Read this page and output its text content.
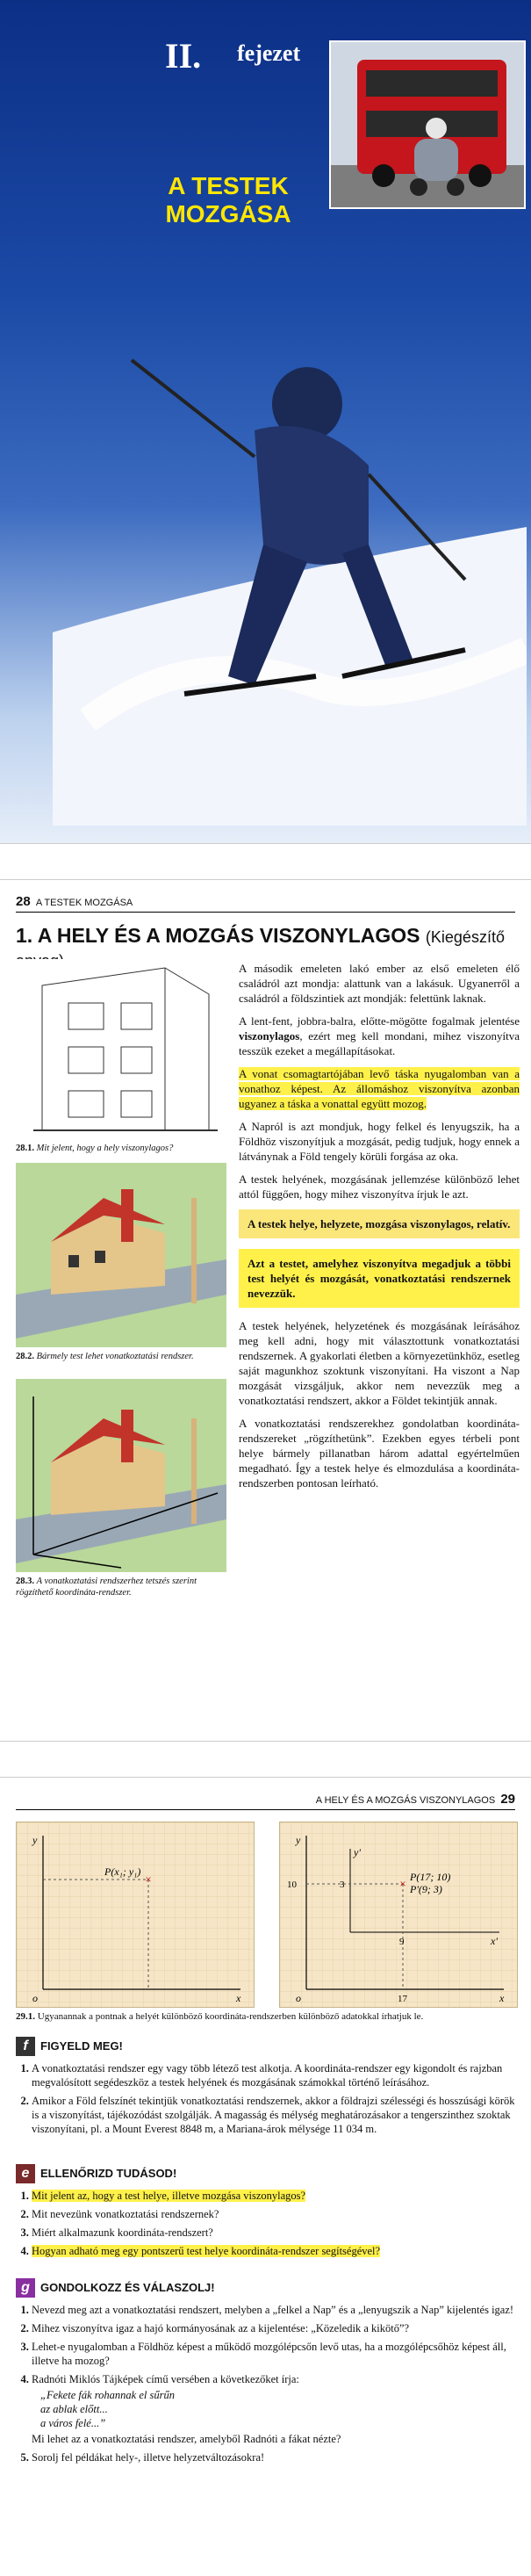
II. fejezet
A TESTEK
MOZGÁSA
28 A TESTEK MOZGÁSA
1. A HELY ÉS A MOZGÁS VISZONYLAGOS (Kiegészítő
28.1. Mit jelent, hogy a hely viszonylagos?
28.2. Bármely test lehet vonatkoztatási rendszer.
28.3. A vonatkoztatási rendszerhez tetszés szerint rögzíthető koordináta-rendszer.

A második emeleten lakó ember az első emeleten élő családról azt mondja: alattunk van a lakásuk. Ugyanerről a családról a földszintiek azt mondják: felettünk laknak.

A lent-fent, jobbra-balra, előtte-mögötte fogalmak jelentése viszonylagos, ezért meg kell mondani, mihez viszonyítva tesszük ezeket a megállapításokat.

A vonat csomagtartójában levő táska nyugalomban van a vonathoz képest. Az állomáshoz viszonyítva azonban ugyanez a táska a vonattal együtt mozog.

A Napról is azt mondjuk, hogy felkel és lenyugszik, ha a Földhöz viszonyítjuk a mozgását, pedig tudjuk, hogy ennek a látványnak a Föld tengely körüli forgása az oka.

A testek helyének, mozgásának jellemzése különböző lehet attól függően, hogy mihez viszonyítva írjuk le azt.

A testek helye, helyzete, mozgása viszonylagos, relatív.
Azt a testet, amelyhez viszonyítva megadjuk a többi test helyét és mozgását, vonatkoztatási rendszernek nevezzük.

A testek helyének, helyzetének és mozgásának leírásához meg kell adni, hogy mit választottunk vonatkoztatási rendszernek. A gyakorlati életben a környezetünkhöz, esetleg saját magunkhoz szoktunk viszonyítani. Ha viszont a Nap mozgását vizsgáljuk, akkor nem nevezzük meg a vonatkoztatási rendszert, akkor a Földet tekintjük annak.

A vonatkoztatási rendszerekhez gondolatban koordináta-rendszereket „rögzíthetünk”. Ezekben egyes térbeli pont helye bármely pillanatban három adattal egyértelműen megadható. Így a testek helye és elmozdulása a koordináta-rendszerben pontosan leírható.

A HELY ÉS A MOZGÁS VISZONYLAGOS 29
×
y
x
o
P(x₁; y₁)
×
y
x
o
10
17
3
9	x'
y'
P(17; 10)
P'(9; 3)
29.1. Ugyanannak a pontnak a helyét különböző koordináta-rendszerben különböző adatokkal írhatjuk le.
f	FIGYELD MEG!
1. A vonatkoztatási rendszer egy vagy több létező test alkotja. A koordináta-rendszer egy kigondolt és rajzban megvalósított segédeszköz a testek helyének és mozgásának számokkal történő leírásához.
2. Amikor a Föld felszínét tekintjük vonatkoztatási rendszernek, akkor a földrajzi szélességi és hosszúsági körök is a viszonyítást, tájékozódást szolgálják. A magasság és mélység meghatározásakor a tengerszinthez szoktak viszonyítani, pl. a Mount Everest 8848 m, a Mariana-árok mélysége 11 034 m.
e ELLENŐRIZD TUDÁSOD!
1. Mit jelent az, hogy a test helye, illetve mozgása viszonylagos?
2. Mit nevezünk vonatkoztatási rendszernek?
3. Miért alkalmazunk koordináta-rendszert?
4. Hogyan adható meg egy pontszerű test helye koordináta-rendszer segítségével?
g GONDOLKOZZ ÉS VÁLASZOLJ!
1. Nevezd meg azt a vonatkoztatási rendszert, melyben a „felkel a Nap” és a „lenyugszik a Nap” kijelentés igaz!
2. Mihez viszonyítva igaz a hajó kormányosának az a kijelentése: „Közeledik a kikötő”?
3. Lehet-e nyugalomban a Földhöz képest a működő mozgólépcsőn levő utas, ha a mozgólépcsőhöz képest áll, illetve ha mozog?
4. Radnóti Miklós Tájképek című versében a következőket írja:
„Fekete fák rohannak el sűrűn
az ablak előtt...
a város felé...”
Mi lehet az a vonatkoztatási rendszer, amelyből Radnóti a fákat nézte?
5. Sorolj fel példákat hely-, illetve helyzetváltozásokra!
